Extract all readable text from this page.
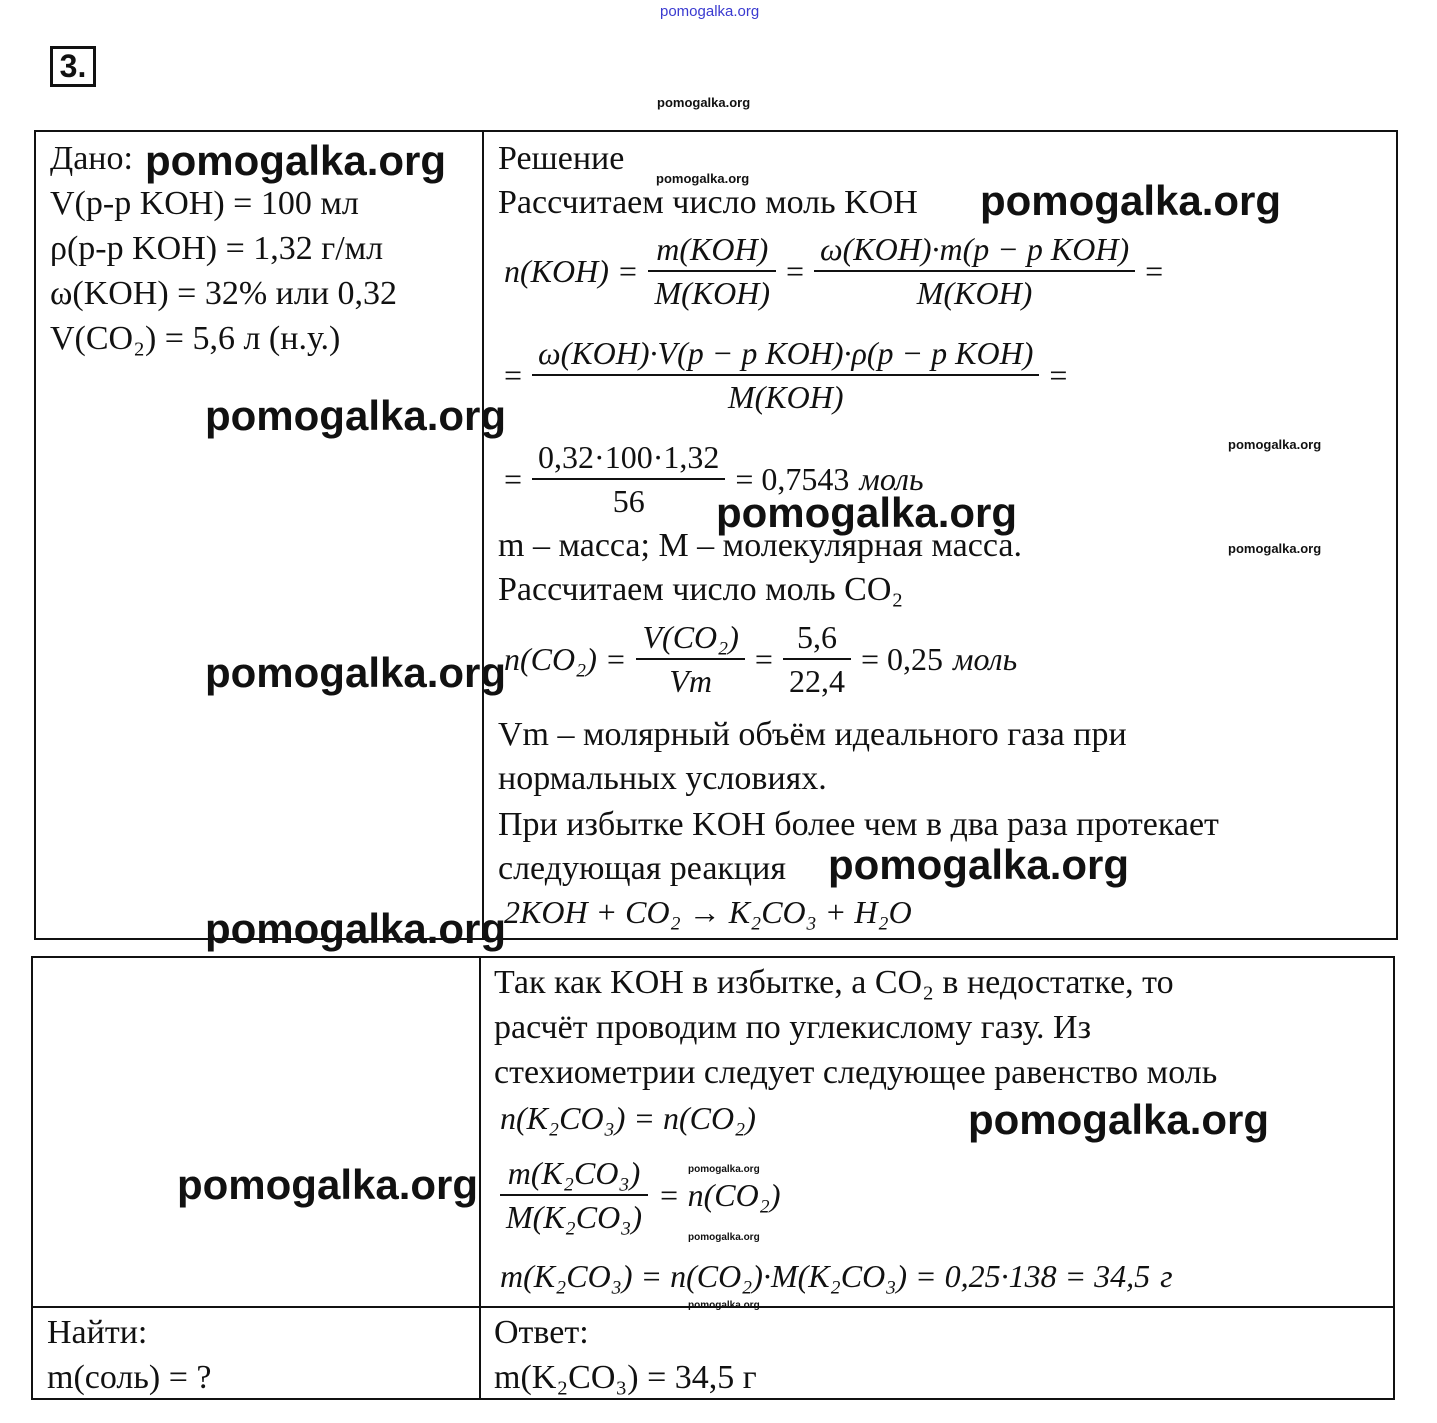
pomogalka.org
3.
pomogalka.org
Дано:
V(р-р KOH) = 100 мл
ρ(р-р KOH) = 1,32 г/мл
ω(KOH) = 32% или 0,32
V(CO₂) = 5,6 л (н.у.)
Решение
Рассчитаем число моль KOH
$n(KOH) = \frac{\text{m(KOH)}}{\text{M(KOH)}} = \frac{\text{ω(KOH)·m(p − p KOH)}}{\text{M(KOH)}}$ =
= $\frac{\text{ω(KOH)·V(p − p KOH)·ρ(p − p KOH)}}{\text{M(KOH)}}$ =
= $\frac{0,32\cdot 100\cdot 1,32}{56} = 0,7543$ моль
m – масса; M – молекулярная масса.
Рассчитаем число моль CO₂
$n(CO_2) = \frac{\text{V(CO₂)}}{Vm} = \frac{5,6}{22,4} = 0,25$ моль
Vm – молярный объём идеального газа при
нормальных условиях.
При избытке KOH более чем в два раза протекает
следующая реакция
2KOH + CO₂ → K₂CO₃ + H₂O
Так как KOH в избытке, а CO₂ в недостатке, то
расчёт проводим по углекислому газу. Из
стехиометрии следует следующее равенство моль
n(K₂CO₃) = n(CO₂)
$\frac{\text{m(K₂CO₃)}}{\text{M(K₂CO₃)}} = n(CO_2)$
m(K₂CO₃) = n(CO₂)·M(K₂CO₃) = 0,25·138 = 34,5 г
Найти:
m(соль) = ?
Ответ:
m(K₂CO₃) = 34,5 г
pomogalka.org
pomogalka.org
pomogalka.org
pomogalka.org
pomogalka.org
pomogalka.org
pomogalka.org
pomogalka.org
pomogalka.org
pomogalka.org
pomogalka.org
pomogalka.org	pomogalka.org
pomogalka.org
pomogalka.org
